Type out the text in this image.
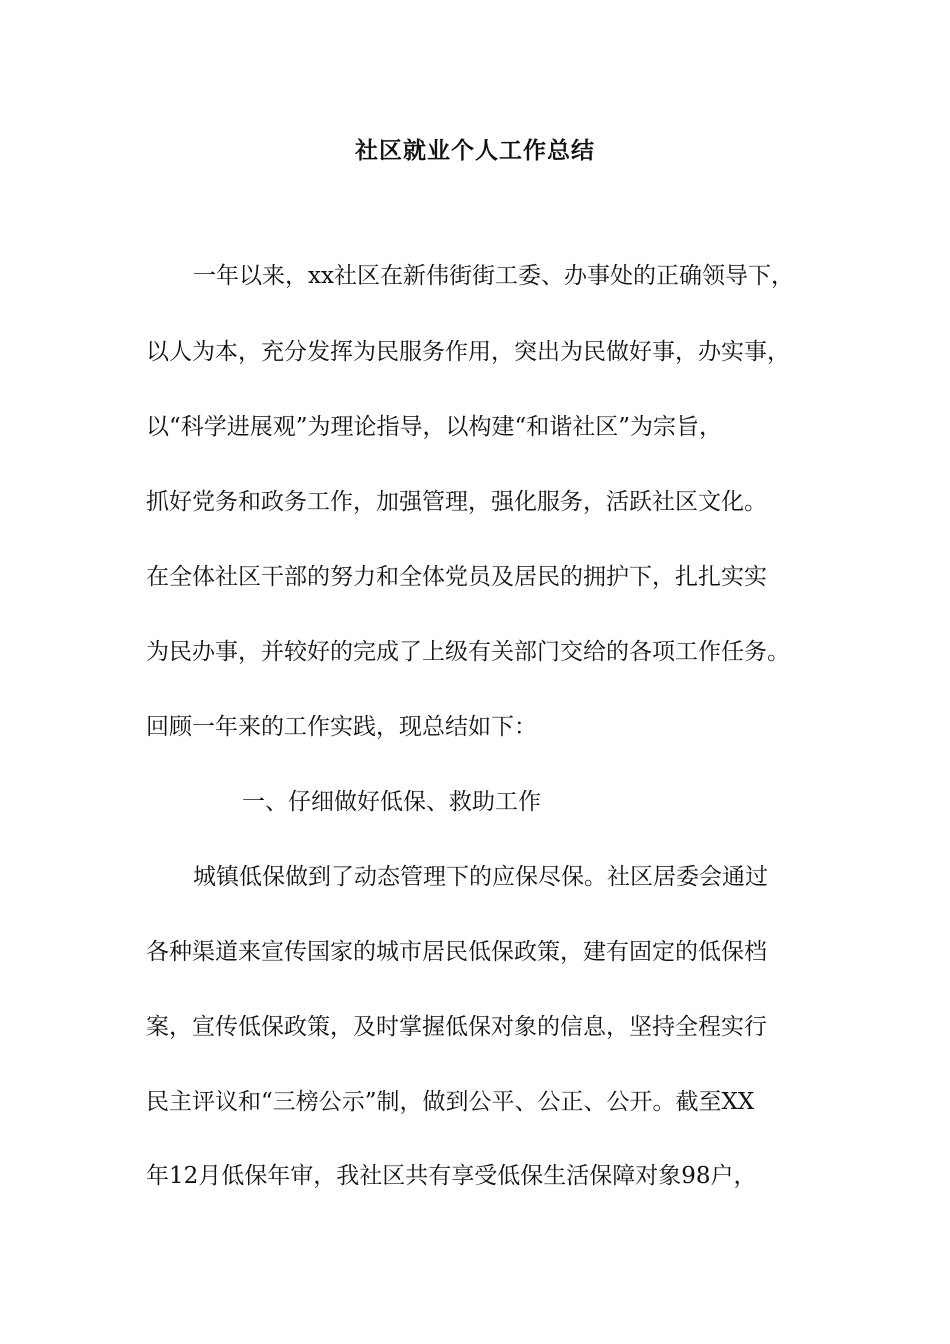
社区就业个人工作总结
一年以来，xx社区在新伟街街工委、办事处的正确领导下，
以人为本，充分发挥为民服务作用，突出为民做好事，办实事，
以“科学进展观”为理论指导，以构建“和谐社区”为宗旨，
抓好党务和政务工作，加强管理，强化服务，活跃社区文化。
在全体社区干部的努力和全体党员及居民的拥护下，扎扎实实
为民办事，并较好的完成了上级有关部门交给的各项工作任务。
回顾一年来的工作实践，现总结如下：
一、仔细做好低保、救助工作
城镇低保做到了动态管理下的应保尽保。社区居委会通过
各种渠道来宣传国家的城市居民低保政策，建有固定的低保档
案，宣传低保政策，及时掌握低保对象的信息，坚持全程实行
民主评议和“三榜公示”制，做到公平、公正、公开。截至XX
年12月低保年审，我社区共有享受低保生活保障对象98户，
